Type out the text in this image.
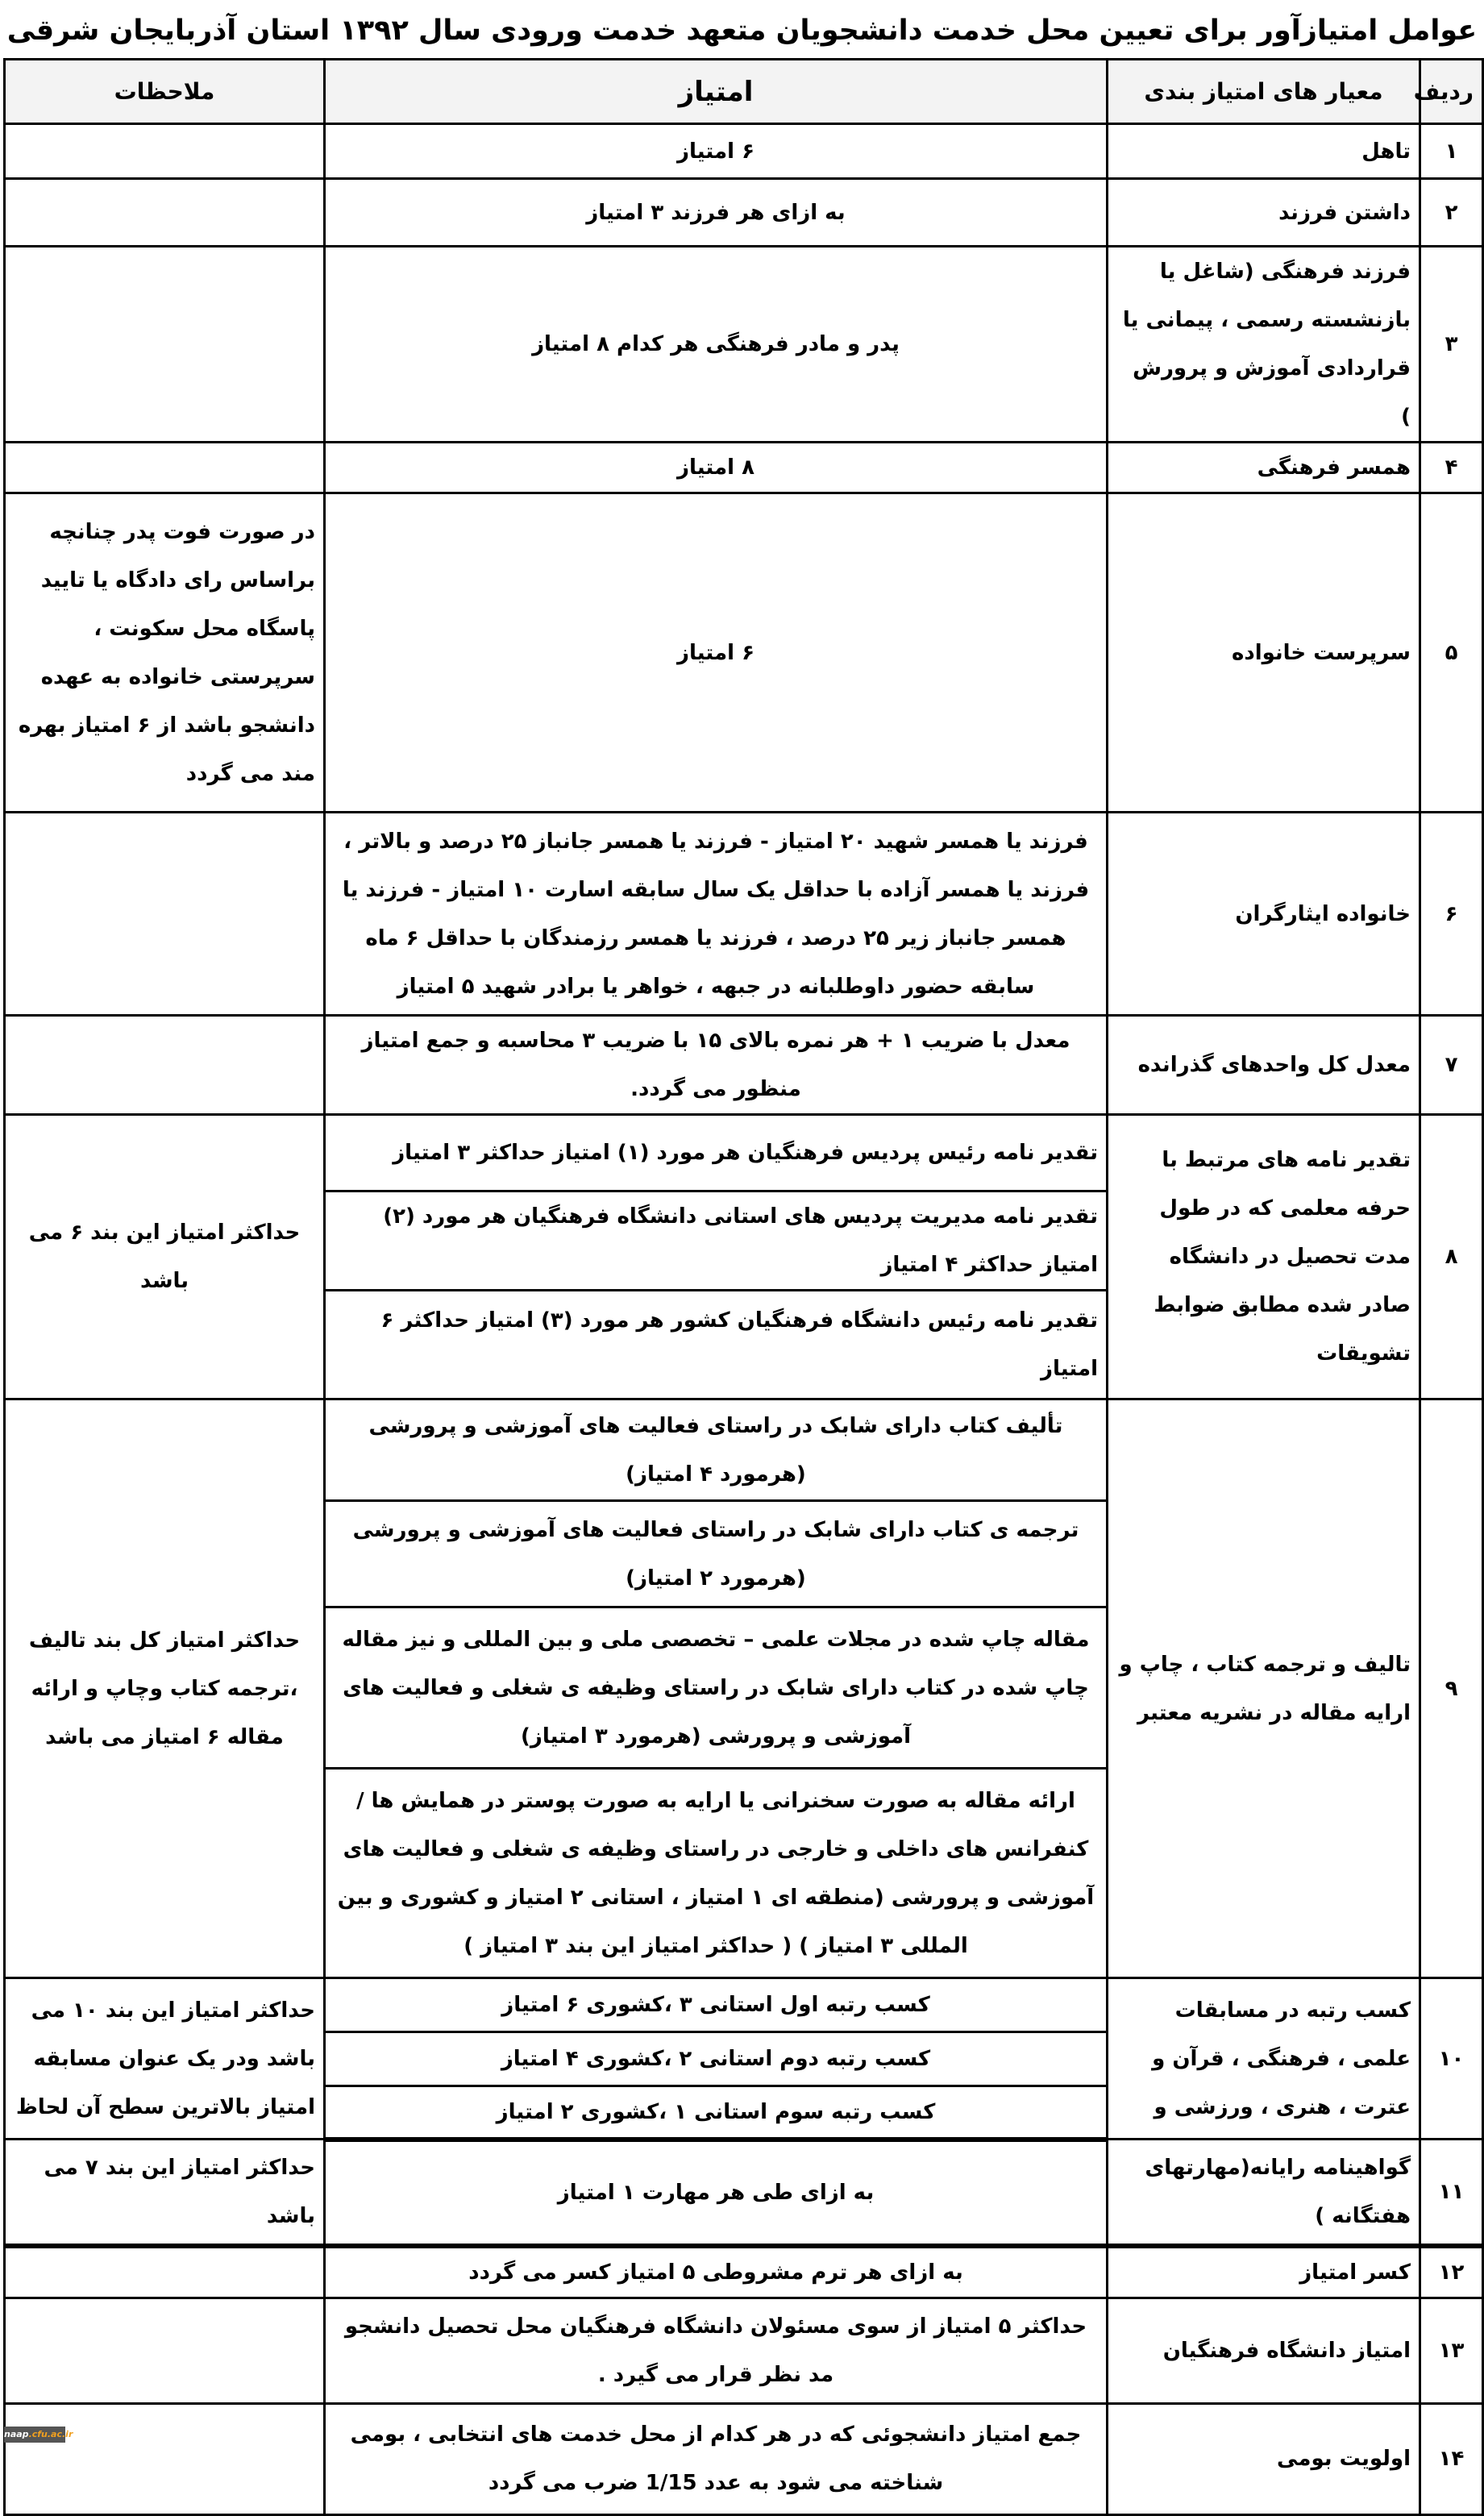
عوامل امتیازآور برای تعیین محل خدمت دانشجویان متعهد خدمت ورودی سال ۱۳۹۲ استان آذربایجان شرقی
ردیف	معیار های امتیاز بندی	امتیاز	ملاحظات
۱	تاهل	۶ امتیاز	
۲	داشتن فرزند	به ازای هر فرزند ۳ امتیاز	
۳	فرزند فرهنگی (شاغل یا بازنشسته رسمی ، پیمانی یا قراردادی آموزش و پرورش )	پدر و مادر فرهنگی هر کدام ۸ امتیاز	
۴	همسر فرهنگی	۸ امتیاز	
۵	سرپرست خانواده	۶ امتیاز	در صورت فوت پدر چنانچه براساس رای دادگاه یا تایید پاسگاه محل سکونت ، سرپرستی خانواده به عهده دانشجو باشد از ۶ امتیاز بهره مند می گردد
۶	خانواده ایثارگران	فرزند یا همسر شهید ۲۰ امتیاز - فرزند یا همسر جانباز ۲۵ درصد و بالاتر ، فرزند یا همسر آزاده با حداقل یک سال سابقه اسارت ۱۰ امتیاز - فرزند یا همسر جانباز زیر ۲۵ درصد ، فرزند یا همسر رزمندگان با حداقل ۶ ماه سابقه حضور داوطلبانه در جبهه ، خواهر یا برادر شهید ۵ امتیاز	
۷	معدل کل واحدهای گذرانده	معدل با ضریب ۱ + هر نمره بالای ۱۵ با ضریب ۳ محاسبه و جمع امتیاز منظور می گردد.	
۸	تقدیر نامه های مرتبط با حرفه معلمی که در طول مدت تحصیل در دانشگاه صادر شده مطابق ضوابط تشویقات	تقدیر نامه رئیس پردیس فرهنگیان هر مورد (۱) امتیاز حداکثر ۳ امتیاز	حداکثر امتیاز این بند ۶ می باشد
		تقدیر نامه مدیریت پردیس های استانی دانشگاه فرهنگیان هر مورد (۲) امتیاز حداکثر ۴ امتیاز	
		تقدیر نامه رئیس دانشگاه فرهنگیان کشور هر مورد (۳) امتیاز حداکثر ۶ امتیاز	
۹	تالیف و ترجمه کتاب ، چاپ و ارایه مقاله در نشریه معتبر	تألیف کتاب دارای شابک در راستای فعالیت های آموزشی و پرورشی (هرمورد ۴ امتیاز)	حداکثر امتیاز کل بند تالیف ،ترجمه کتاب وچاپ و ارائه مقاله ۶ امتیاز می باشد
		ترجمه ی کتاب دارای شابک در راستای فعالیت های آموزشی و پرورشی (هرمورد ۲ امتیاز)	
		مقاله چاپ شده در مجلات علمی – تخصصی ملی و بین المللی و نیز مقاله چاپ شده در کتاب دارای شابک در راستای وظیفه ی شغلی و فعالیت های آموزشی و پرورشی (هرمورد ۳ امتیاز)	
		ارائه مقاله به صورت سخنرانی یا ارایه به صورت پوستر در همایش ها / کنفرانس های داخلی و خارجی در راستای وظیفه ی شغلی و فعالیت های آموزشی و پرورشی (منطقه ای ۱ امتیاز ، استانی ۲ امتیاز و کشوری و بین المللی ۳ امتیاز ) ( حداکثر امتیاز این بند ۳ امتیاز )	
۱۰	کسب رتبه در مسابقات علمی ، فرهنگی ، قرآن و عترت ، هنری ، ورزشی و	کسب رتبه اول استانی ۳ ،کشوری ۶ امتیاز	حداکثر امتیاز این بند ۱۰ می باشد ودر یک عنوان مسابقه امتیاز بالاترین سطح آن لحاظ
		کسب رتبه دوم استانی ۲ ،کشوری ۴ امتیاز	
		کسب رتبه سوم استانی ۱ ،کشوری ۲ امتیاز	
۱۱	گواهینامه رایانه(مهارتهای هفتگانه )	به ازای طی هر مهارت ۱ امتیاز	حداکثر امتیاز این بند ۷ می باشد
۱۲	کسر امتیاز	به ازای هر ترم مشروطی ۵ امتیاز کسر می گردد	
۱۳	امتیاز دانشگاه فرهنگیان	حداکثر ۵ امتیاز از سوی مسئولان دانشگاه فرهنگیان محل تحصیل دانشجو مد نظر قرار می گیرد .	
۱۴	اولویت بومی	جمع امتیاز دانشجوئی که در هر کدام از محل خدمت های انتخابی ، بومی شناخته می شود به عدد 1/15 ضرب می گردد	
naap.cfu.ac.ir
